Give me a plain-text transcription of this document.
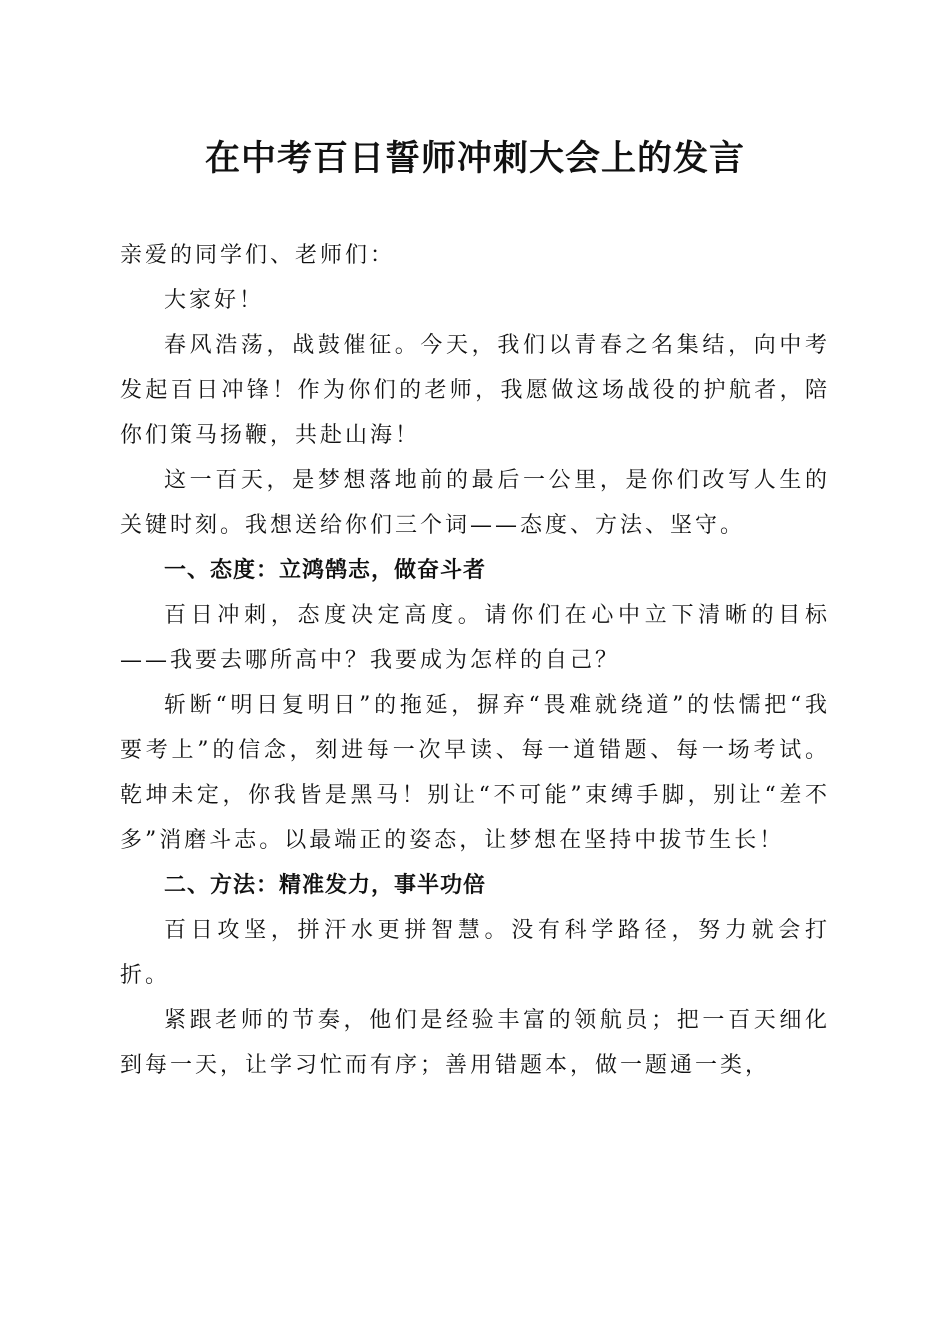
在中考百日誓师冲刺大会上的发言

亲爱的同学们、老师们：

大家好！

春风浩荡，战鼓催征。今天，我们以青春之名集结，向中考发起百日冲锋！作为你们的老师，我愿做这场战役的护航者，陪你们策马扬鞭，共赴山海！

这一百天，是梦想落地前的最后一公里，是你们改写人生的关键时刻。我想送给你们三个词——态度、方法、坚守。

一、态度：立鸿鹄志，做奋斗者

百日冲刺，态度决定高度。请你们在心中立下清晰的目标——我要去哪所高中？我要成为怎样的自己？

斩断“明日复明日”的拖延，摒弃“畏难就绕道”的怯懦把“我要考上”的信念，刻进每一次早读、每一道错题、每一场考试。乾坤未定，你我皆是黑马！别让“不可能”束缚手脚，别让“差不多”消磨斗志。以最端正的姿态，让梦想在坚持中拔节生长！

二、方法：精准发力，事半功倍

百日攻坚，拼汗水更拼智慧。没有科学路径，努力就会打折。

紧跟老师的节奏，他们是经验丰富的领航员；把一百天细化到每一天，让学习忙而有序；善用错题本，做一题通一类，
